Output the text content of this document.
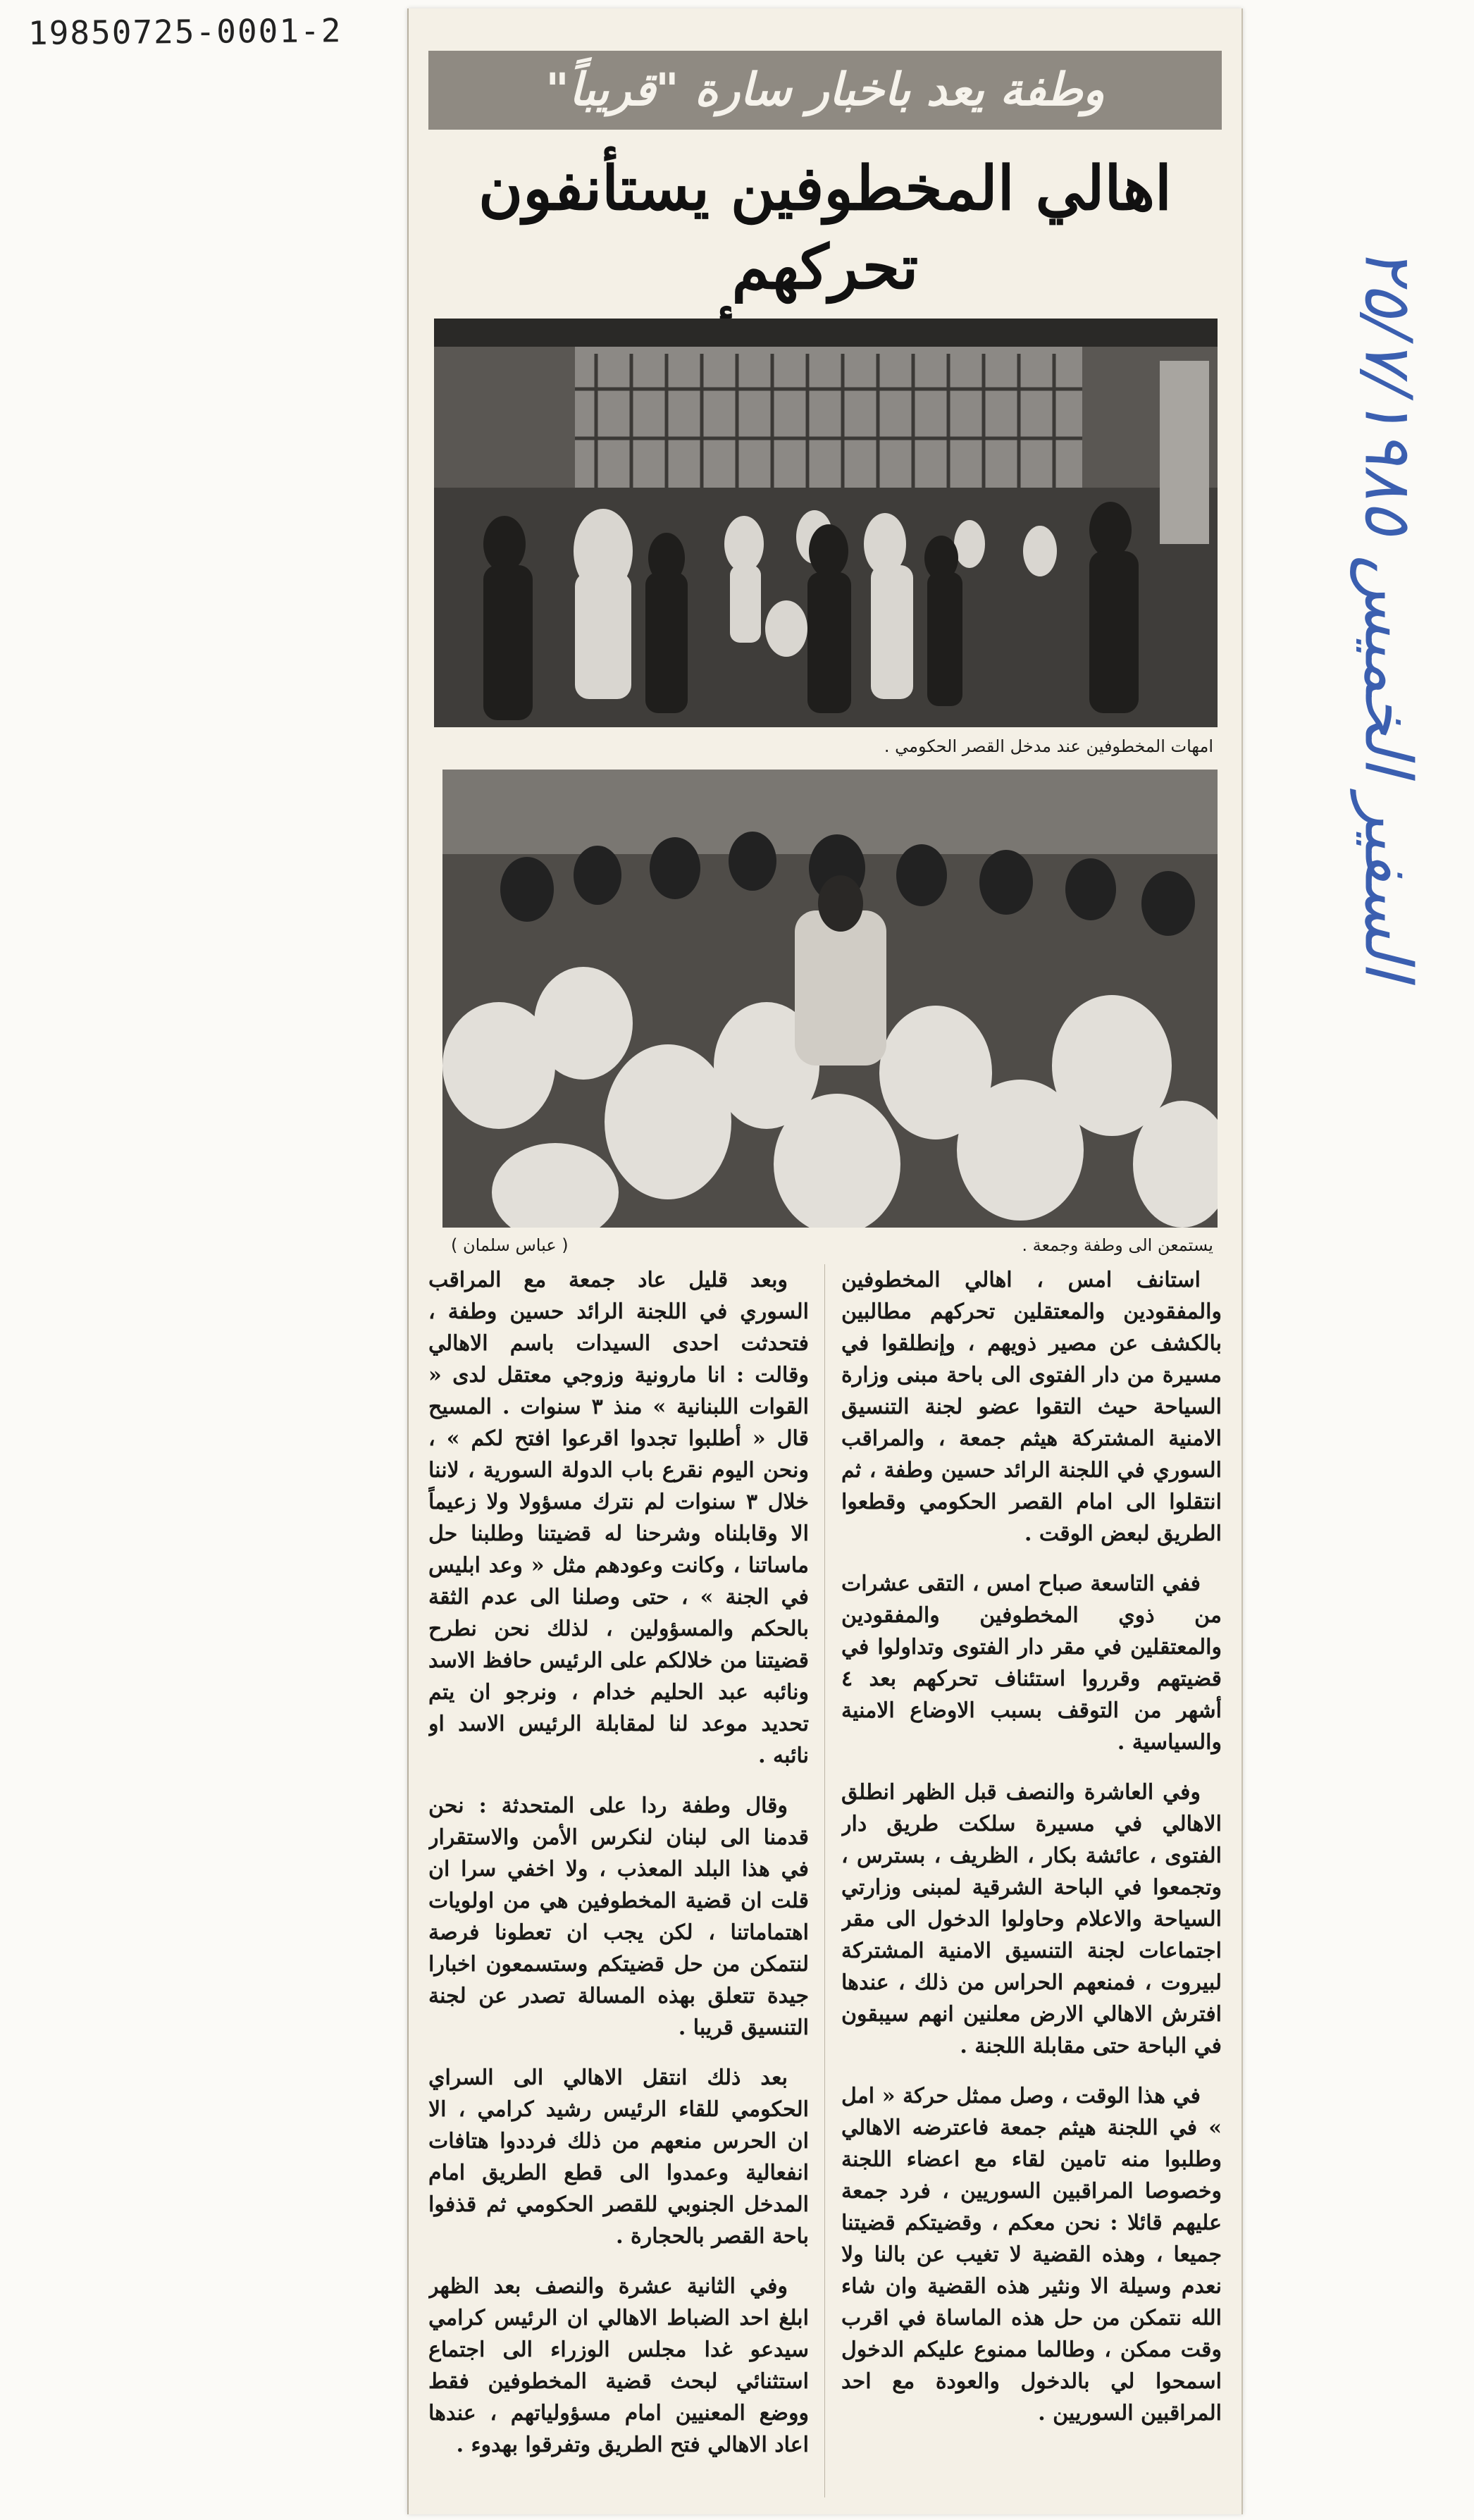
19850725-0001-2
السفير الخميس ٢٥/٧/١٩٨٥
وطفة يعد باخبار سارة "قريباً"
اهالي المخطوفين يستأنفون تحركهم
امهات المخطوفين عند مدخل القصر الحكومي .
يستمعن الى وطفة وجمعة .
( عباس سلمان )

استانف امس ، اهالي المخطوفين والمفقودين والمعتقلين تحركهم مطالبين بالكشف عن مصير ذويهم ، وإنطلقوا في مسيرة من دار الفتوى الى باحة مبنى وزارة السياحة حيث التقوا عضو لجنة التنسيق الامنية المشتركة هيثم جمعة ، والمراقب السوري في اللجنة الرائد حسين وطفة ، ثم انتقلوا الى امام القصر الحكومي وقطعوا الطريق لبعض الوقت .

ففي التاسعة صباح امس ، التقى عشرات من ذوي المخطوفين والمفقودين والمعتقلين في مقر دار الفتوى وتداولوا في قضيتهم وقرروا استئناف تحركهم بعد ٤ أشهر من التوقف بسبب الاوضاع الامنية والسياسية .

وفي العاشرة والنصف قبل الظهر انطلق الاهالي في مسيرة سلكت طريق دار الفتوى ، عائشة بكار ، الظريف ، بسترس ، وتجمعوا في الباحة الشرقية لمبنى وزارتي السياحة والاعلام وحاولوا الدخول الى مقر اجتماعات لجنة التنسيق الامنية المشتركة لبيروت ، فمنعهم الحراس من ذلك ، عندها افترش الاهالي الارض معلنين انهم سيبقون في الباحة حتى مقابلة اللجنة .

في هذا الوقت ، وصل ممثل حركة « امل » في اللجنة هيثم جمعة فاعترضه الاهالي وطلبوا منه تامين لقاء مع اعضاء اللجنة وخصوصا المراقبين السوريين ، فرد جمعة عليهم قائلا : نحن معكم ، وقضيتكم قضيتنا جميعا ، وهذه القضية لا تغيب عن بالنا ولا نعدم وسيلة الا ونثير هذه القضية وان شاء الله نتمكن من حل هذه الماساة في اقرب وقت ممكن ، وطالما ممنوع عليكم الدخول اسمحوا لي بالدخول والعودة مع احد المراقبين السوريين .

وبعد قليل عاد جمعة مع المراقب السوري في اللجنة الرائد حسين وطفة ، فتحدثت احدى السيدات باسم الاهالي وقالت : انا مارونية وزوجي معتقل لدى « القوات اللبنانية » منذ ٣ سنوات . المسيح قال « أطلبوا تجدوا اقرعوا افتح لكم » ، ونحن اليوم نقرع باب الدولة السورية ، لاننا خلال ٣ سنوات لم نترك مسؤولا ولا زعيماً الا وقابلناه وشرحنا له قضيتنا وطلبنا حل ماساتنا ، وكانت وعودهم مثل « وعد ابليس في الجنة » ، حتى وصلنا الى عدم الثقة بالحكم والمسؤولين ، لذلك نحن نطرح قضيتنا من خلالكم على الرئيس حافظ الاسد ونائبه عبد الحليم خدام ، ونرجو ان يتم تحديد موعد لنا لمقابلة الرئيس الاسد او نائبه .

وقال وطفة ردا على المتحدثة : نحن قدمنا الى لبنان لنكرس الأمن والاستقرار في هذا البلد المعذب ، ولا اخفي سرا ان قلت ان قضية المخطوفين هي من اولويات اهتماماتنا ، لكن يجب ان تعطونا فرصة لنتمكن من حل قضيتكم وستسمعون اخبارا جيدة تتعلق بهذه المسالة تصدر عن لجنة التنسيق قريبا .

بعد ذلك انتقل الاهالي الى السراي الحكومي للقاء الرئيس رشيد كرامي ، الا ان الحرس منعهم من ذلك فرددوا هتافات انفعالية وعمدوا الى قطع الطريق امام المدخل الجنوبي للقصر الحكومي ثم قذفوا باحة القصر بالحجارة .

وفي الثانية عشرة والنصف بعد الظهر ابلغ احد الضباط الاهالي ان الرئيس كرامي سيدعو غدا مجلس الوزراء الى اجتماع استثنائي لبحث قضية المخطوفين فقط ووضع المعنيين امام مسؤولياتهم ، عندها اعاد الاهالي فتح الطريق وتفرقوا بهدوء .
